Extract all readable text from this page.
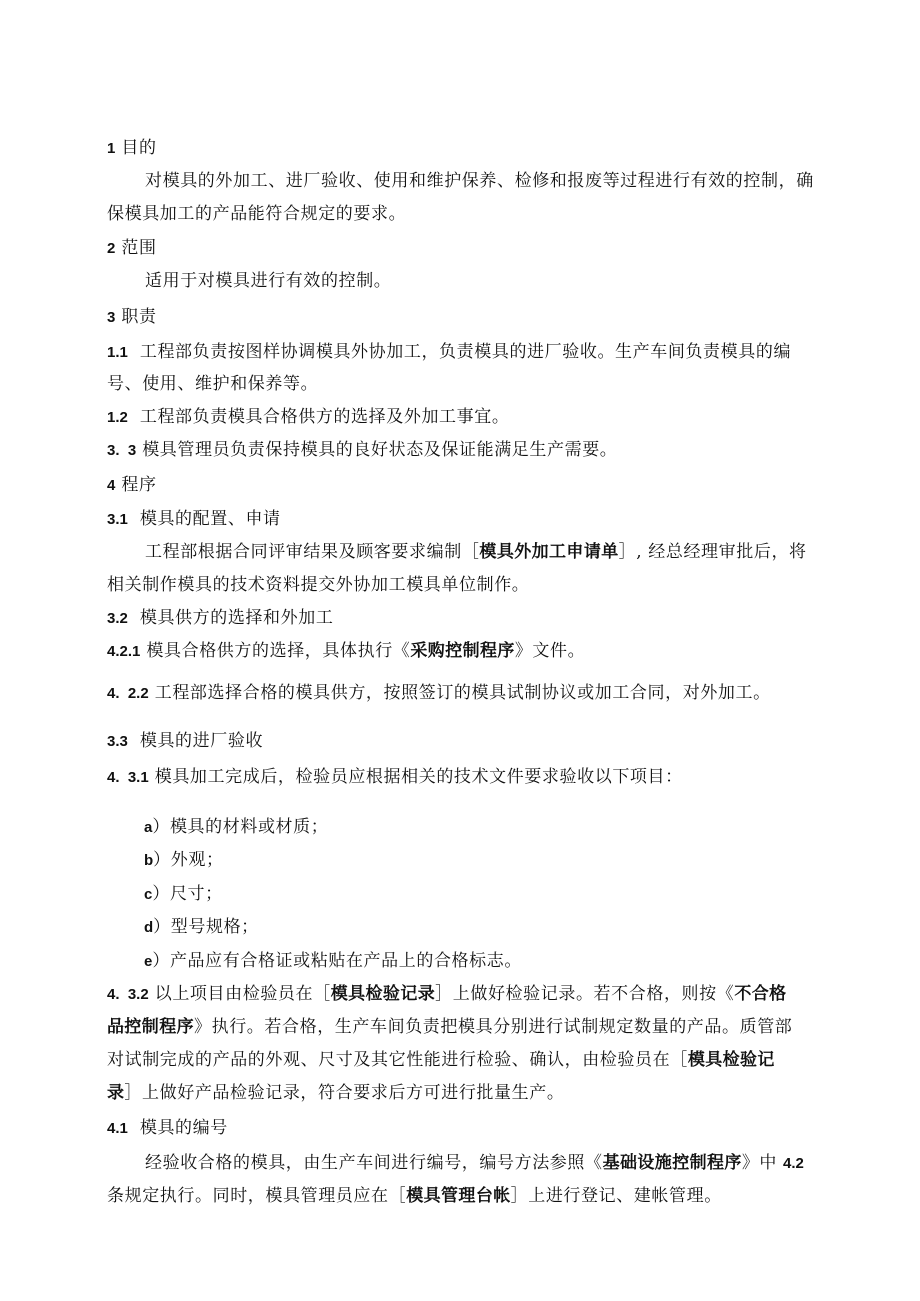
1 目的
对模具的外加工、进厂验收、使用和维护保养、检修和报废等过程进行有效的控制，确
保模具加工的产品能符合规定的要求。
2 范围
适用于对模具进行有效的控制。
3 职责
1.1 工程部负责按图样协调模具外协加工，负责模具的进厂验收。生产车间负责模具的编
号、使用、维护和保养等。
1.2 工程部负责模具合格供方的选择及外加工事宜。
3.  3 模具管理员负责保持模具的良好状态及保证能满足生产需要。
4 程序
3.1 模具的配置、申请
工程部根据合同评审结果及顾客要求编制［模具外加工申请单］, 经总经理审批后，将
相关制作模具的技术资料提交外协加工模具单位制作。
3.2 模具供方的选择和外加工
4.2.1 模具合格供方的选择，具体执行《采购控制程序》文件。
4.  2.2 工程部选择合格的模具供方，按照签订的模具试制协议或加工合同，对外加工。
3.3 模具的进厂验收
4.  3.1 模具加工完成后，检验员应根据相关的技术文件要求验收以下项目：
a）模具的材料或材质；
b）外观；
c）尺寸；
d）型号规格；
e）产品应有合格证或粘贴在产品上的合格标志。
4.  3.2 以上项目由检验员在［模具检验记录］上做好检验记录。若不合格，则按《不合格
品控制程序》执行。若合格，生产车间负责把模具分别进行试制规定数量的产品。质管部
对试制完成的产品的外观、尺寸及其它性能进行检验、确认，由检验员在［模具检验记
录］上做好产品检验记录，符合要求后方可进行批量生产。
4.1 模具的编号
经验收合格的模具，由生产车间进行编号，编号方法参照《基础设施控制程序》中 4.2
条规定执行。同时，模具管理员应在［模具管理台帐］上进行登记、建帐管理。
